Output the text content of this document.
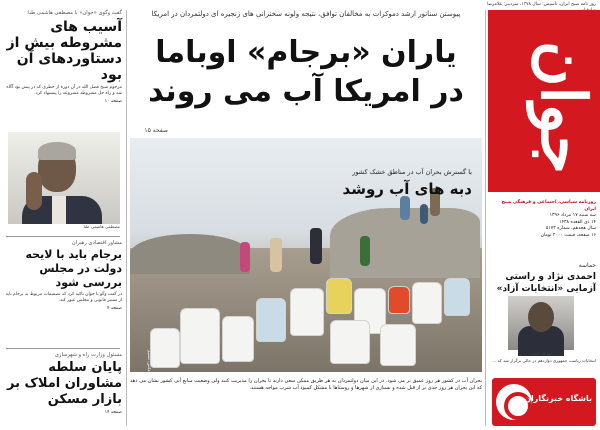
روز نامه صبح ایران، تاسیس: سال ۱۳۷۸، سردبیر: غلامرضا
جوان
روزنامه سیاسی، اجتماعی و فرهنگی صبح ایران
سه شنبه ۱۷ مرداد ۱۳۹۶
۱۴ ذی القعده ۱۴۳۸
سال هجدهم، شماره ۵۱۷۳
۱۶ صفحه، قیمت ۲۰۰۰ تومان
حماسه
احمدی نژاد و راستی آزمایی «انتخابات آزاد»
عبدالله گنجی
انتخابات ریاست جمهوری دوازدهم در حالی برگزار شد که ...
باشگاه خبرنگاران
پیوستن سناتور ارشد دموکرات به مخالفان توافق، نتیجه ولونه سخنرانی های زنجیره ای دولتمردان در امریکا
یاران «برجام» اوباما
در امریکا آب می روند
صفحه ۱۵
با گسترش بحران آب در مناطق خشک کشور
دبه های آب روشد
عکس: تسنیم
بحران آب در کشور هر روز عمیق تر می شود. در این میان دولتمردان به هر طریق ممکن سعی دارند تا بحران را مدیریت کنند ولی وضعیت منابع آبی کشور نشان می دهد که این بحران هر روز جدی تر از قبل شده و بسیاری از شهرها و روستاها با مشکل کمبود آب شرب مواجه هستند.
گفت وگوی «جوان» با مصطفی هاشمی طبا
آسیب های مشروطه بیش از دستاوردهای آن بود
مرحوم شیخ فضل الله در آن دوره از خطری که در پیش بود آگاه شد و راه حل مشروطه مشروعه را پیشنهاد کرد.
صفحه ۱۰
مصطفی هاشمی طبا
مشاور اقتصادی رهبران
برجام باید با لایحه دولت در مجلس بررسی شود
در گفت وگو با جوان تاکید کرد که تصمیمات مربوط به برجام باید از مسیر قانونی و مجلس عبور کند.
صفحه ۴
مسئول وزارت راه و شهرسازی
پایان سلطه مشاوران املاک بر بازار مسکن
صفحه ۱۴
